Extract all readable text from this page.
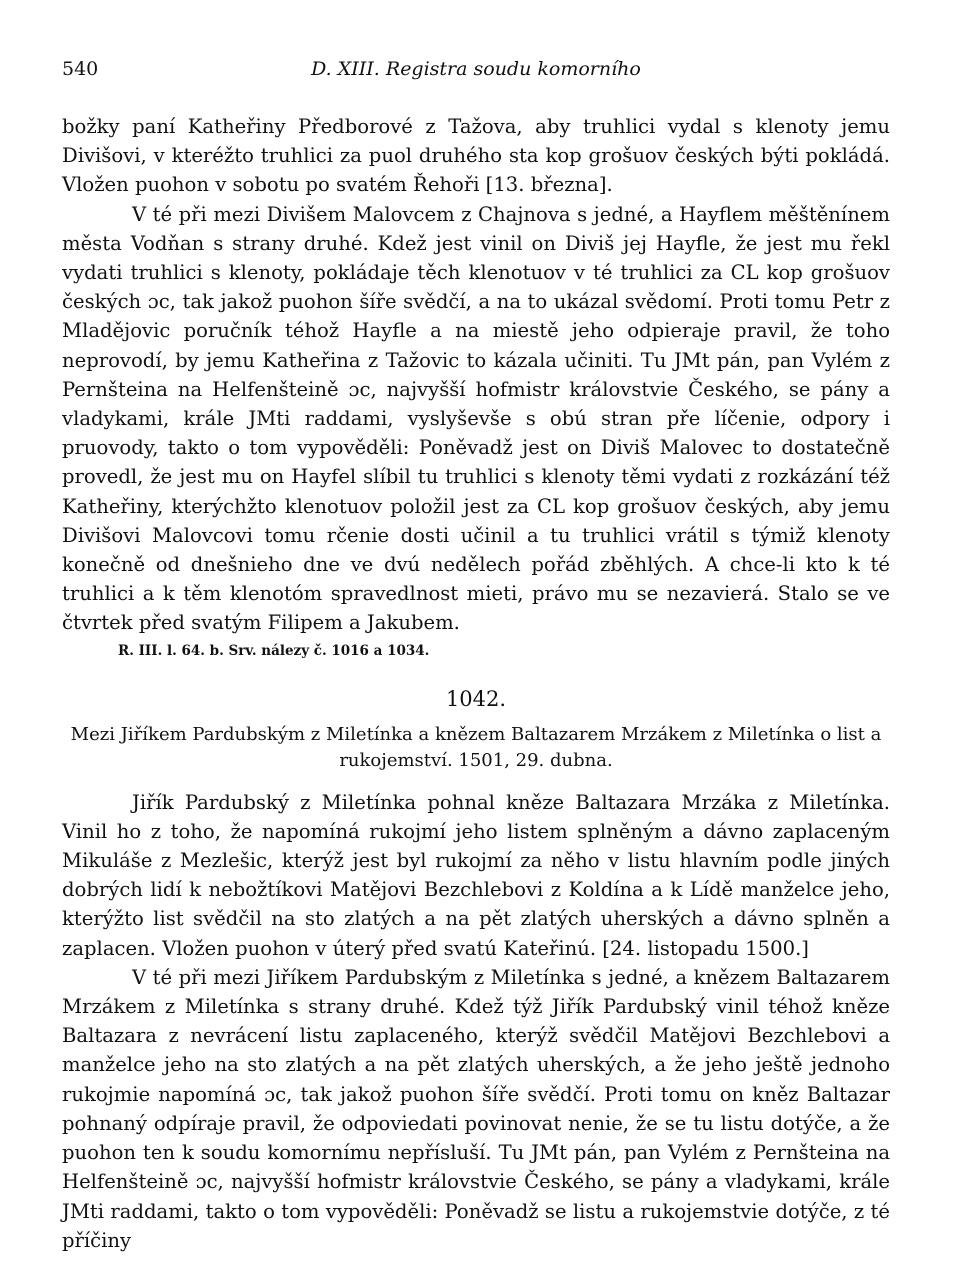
540	D. XIII. Registra soudu komorního

božky paní Katheřiny Předborové z Tažova, aby truhlici vydal s klenoty jemu Divišovi, v kteréžto truhlici za puol druhého sta kop grošuov českých býti pokládá. Vložen puohon v sobotu po svatém Řehoři [13. března].

V té při mezi Divišem Malovcem z Chajnova s jedné, a Hayflem měštěnínem města Vodňan s strany druhé. Kdež jest vinil on Diviš jej Hayfle, že jest mu řekl vydati truhlici s klenoty, pokládaje těch klenotuov v té truhlici za CL kop grošuov českých ɔc, tak jakož puohon šíře svědčí, a na to ukázal svědomí. Proti tomu Petr z Mladějovic poručník téhož Hayfle a na miestě jeho odpieraje pravil, že toho neprovodí, by jemu Katheřina z Tažovic to kázala učiniti. Tu JMt pán, pan Vylém z Pernšteina na Helfenšteině ɔc, najvyšší hofmistr královstvie Českého, se pány a vladykami, krále JMti raddami, vyslyševše s obú stran pře líčenie, odpory i pruovody, takto o tom vypověděli: Poněvadž jest on Diviš Malovec to dostatečně provedl, že jest mu on Hayfel slíbil tu truhlici s klenoty těmi vydati z rozkázání též Katheřiny, kterýchžto klenotuov položil jest za CL kop grošuov českých, aby jemu Divišovi Malovcovi tomu rčenie dosti učinil a tu truhlici vrátil s týmiž klenoty konečně od dnešnieho dne ve dvú nedělech pořád zběhlých. A chce-li kto k té truhlici a k těm klenotóm spravedlnost mieti, právo mu se nezavierá. Stalo se ve čtvrtek před svatým Filipem a Jakubem.

R. III. l. 64. b. Srv. nálezy č. 1016 a 1034.

1042.
Mezi Jiříkem Pardubským z Miletínka a knězem Baltazarem Mrzákem z Miletínka o list a rukojemství. 1501, 29. dubna.

Jiřík Pardubský z Miletínka pohnal kněze Baltazara Mrzáka z Miletínka. Vinil ho z toho, že napomíná rukojmí jeho listem splněným a dávno zaplaceným Mikuláše z Mezlešic, kterýž jest byl rukojmí za něho v listu hlavním podle jiných dobrých lidí k nebožtíkovi Matějovi Bezchlebovi z Koldína a k Lídě manželce jeho, kterýžto list svědčil na sto zlatých a na pět zlatých uherských a dávno splněn a zaplacen. Vložen puohon v úterý před svatú Kateřinú. [24. listopadu 1500.]

V té při mezi Jiříkem Pardubským z Miletínka s jedné, a knězem Baltazarem Mrzákem z Miletínka s strany druhé. Kdež týž Jiřík Pardubský vinil téhož kněze Baltazara z nevrácení listu zaplaceného, kterýž svědčil Matějovi Bezchlebovi a manželce jeho na sto zlatých a na pět zlatých uherských, a že jeho ještě jednoho rukojmie napomíná ɔc, tak jakož puohon šíře svědčí. Proti tomu on kněz Baltazar pohnaný odpíraje pravil, že odpoviedati povinovat nenie, že se tu listu dotýče, a že puohon ten k soudu komornímu nepřísluší. Tu JMt pán, pan Vylém z Pernšteina na Helfenšteině ɔc, najvyšší hofmistr královstvie Českého, se pány a vladykami, krále JMti raddami, takto o tom vypověděli: Poněvadž se listu a rukojemstvie dotýče, z té příčiny
